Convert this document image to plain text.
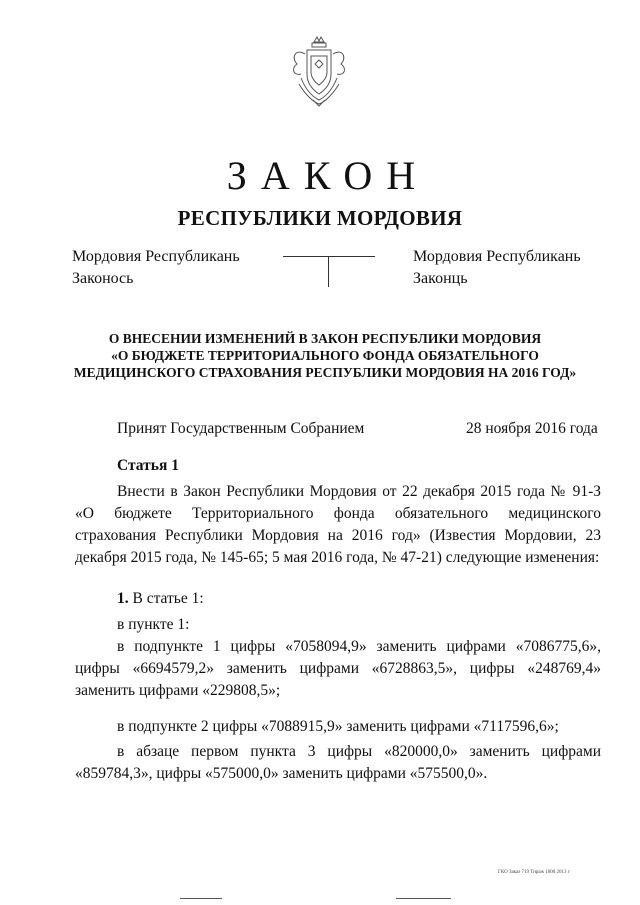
ЗАКОН
РЕСПУБЛИКИ МОРДОВИЯ
Мордовия Республикань
Законось
Мордовия Республикань
Законць
О ВНЕСЕНИИ ИЗМЕНЕНИЙ В ЗАКОН РЕСПУБЛИКИ МОРДОВИЯ
«О БЮДЖЕТЕ ТЕРРИТОРИАЛЬНОГО ФОНДА ОБЯЗАТЕЛЬНОГО
МЕДИЦИНСКОГО СТРАХОВАНИЯ РЕСПУБЛИКИ МОРДОВИЯ НА 2016 ГОД»
Принят Государственным Собранием	28 ноября 2016 года
Статья 1
Внести в Закон Республики Мордовия от 22 декабря 2015 года № 91-З «О бюджете Территориального фонда обязательного медицинского страхования Республики Мордовия на 2016 год» (Известия Мордовии, 23 декабря 2015 года, № 145-65; 5 мая 2016 года, № 47-21) следующие изменения:
1. В статье 1:
в пункте 1:
в подпункте 1 цифры «7058094,9» заменить цифрами «7086775,6», цифры «6694579,2» заменить цифрами «6728863,5», цифры «248769,4» заменить цифрами «229808,5»;
в подпункте 2 цифры «7088915,9» заменить цифрами «7117596,6»;
в абзаце первом пункта 3 цифры «820000,0» заменить цифрами «859784,3», цифры «575000,0» заменить цифрами «575500,0».
ГКО Заказ 719 Тираж 1000 2013 г
